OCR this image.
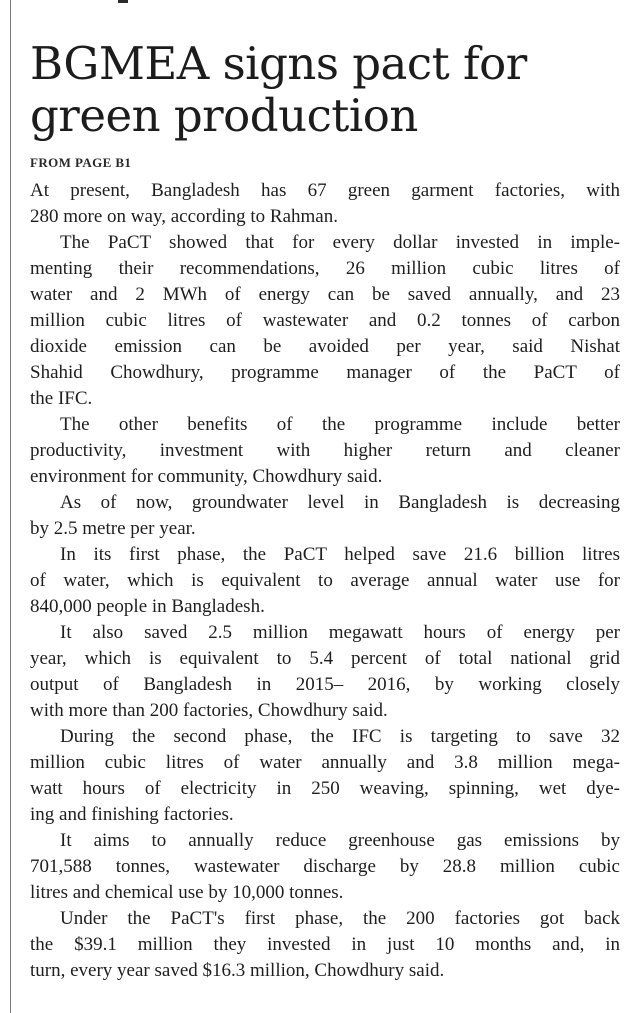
BGMEA signs pact for
green production
FROM PAGE B1
At present, Bangladesh has 67 green garment factories, with
280 more on way, according to Rahman.
The PaCT showed that for every dollar invested in imple-
menting their recommendations, 26 million cubic litres of
water and 2 MWh of energy can be saved annually, and 23
million cubic litres of wastewater and 0.2 tonnes of carbon
dioxide emission can be avoided per year, said Nishat
Shahid Chowdhury, programme manager of the PaCT of
the IFC.
The other benefits of the programme include better
productivity, investment with higher return and cleaner
environment for community, Chowdhury said.
As of now, groundwater level in Bangladesh is decreasing
by 2.5 metre per year.
In its first phase, the PaCT helped save 21.6 billion litres
of water, which is equivalent to average annual water use for
840,000 people in Bangladesh.
It also saved 2.5 million megawatt hours of energy per
year, which is equivalent to 5.4 percent of total national grid
output of Bangladesh in 2015– 2016, by working closely
with more than 200 factories, Chowdhury said.
During the second phase, the IFC is targeting to save 32
million cubic litres of water annually and 3.8 million mega-
watt hours of electricity in 250 weaving, spinning, wet dye-
ing and finishing factories.
It aims to annually reduce greenhouse gas emissions by
701,588 tonnes, wastewater discharge by 28.8 million cubic
litres and chemical use by 10,000 tonnes.
Under the PaCT's first phase, the 200 factories got back
the $39.1 million they invested in just 10 months and, in
turn, every year saved $16.3 million, Chowdhury said.
